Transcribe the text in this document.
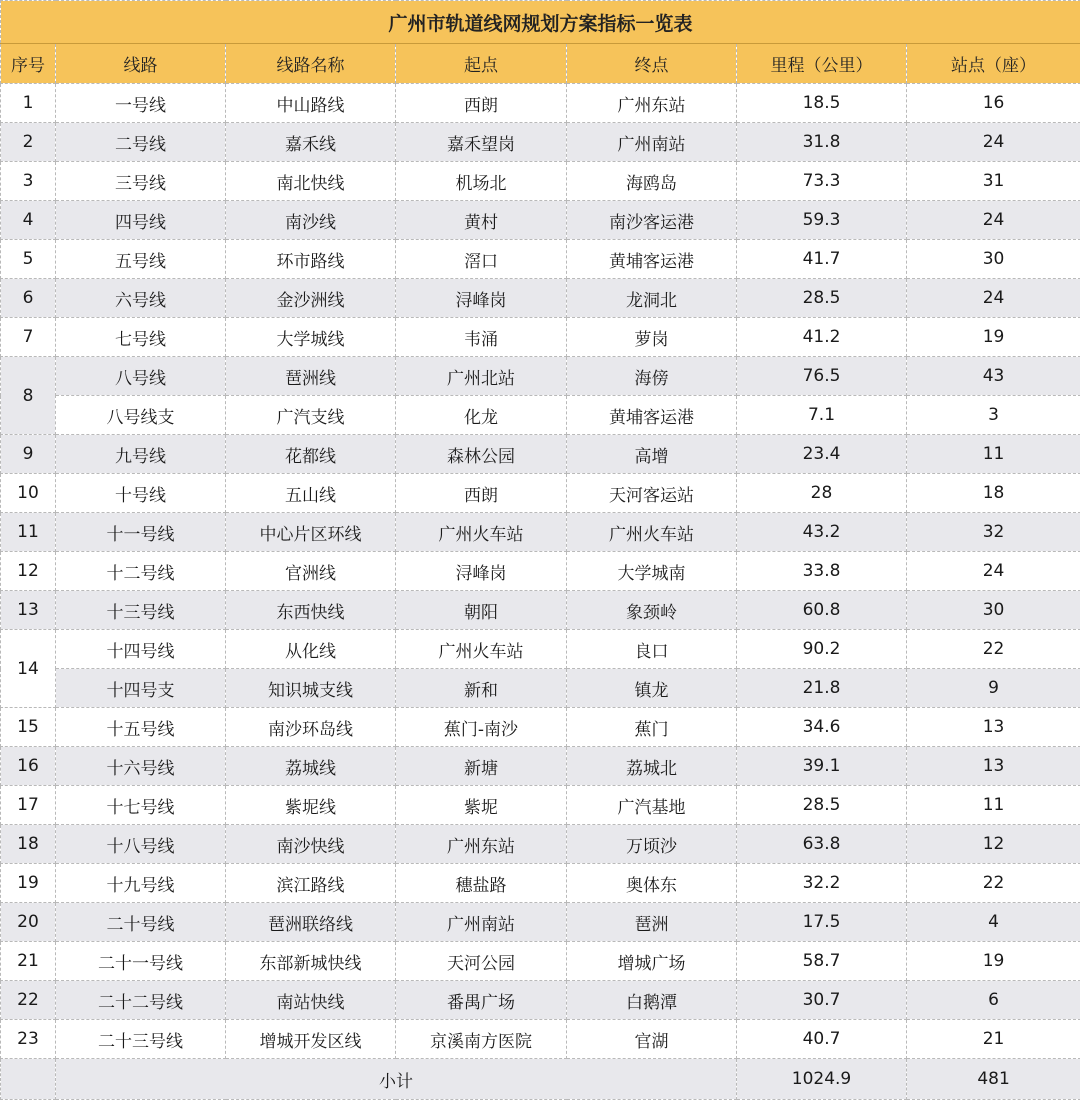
广州市轨道线网规划方案指标一览表						
序号	线路	线路名称	起点	终点	里程（公里）	站点（座）
1	一号线	中山路线	西朗	广州东站	18.5	16
2	二号线	嘉禾线	嘉禾望岗	广州南站	31.8	24
3	三号线	南北快线	机场北	海鸥岛	73.3	31
4	四号线	南沙线	黄村	南沙客运港	59.3	24
5	五号线	环市路线	滘口	黄埔客运港	41.7	30
6	六号线	金沙洲线	浔峰岗	龙洞北	28.5	24
7	七号线	大学城线	韦涌	萝岗	41.2	19
8	八号线	琶洲线	广州北站	海傍	76.5	43
	八号线支	广汽支线	化龙	黄埔客运港	7.1	3
9	九号线	花都线	森林公园	高增	23.4	11
10	十号线	五山线	西朗	天河客运站	28	18
11	十一号线	中心片区环线	广州火车站	广州火车站	43.2	32
12	十二号线	官洲线	浔峰岗	大学城南	33.8	24
13	十三号线	东西快线	朝阳	象颈岭	60.8	30
14	十四号线	从化线	广州火车站	良口	90.2	22
	十四号支	知识城支线	新和	镇龙	21.8	9
15	十五号线	南沙环岛线	蕉门-南沙	蕉门	34.6	13
16	十六号线	荔城线	新塘	荔城北	39.1	13
17	十七号线	紫坭线	紫坭	广汽基地	28.5	11
18	十八号线	南沙快线	广州东站	万顷沙	63.8	12
19	十九号线	滨江路线	穗盐路	奥体东	32.2	22
20	二十号线	琶洲联络线	广州南站	琶洲	17.5	4
21	二十一号线	东部新城快线	天河公园	增城广场	58.7	19
22	二十二号线	南站快线	番禺广场	白鹅潭	30.7	6
23	二十三号线	增城开发区线	京溪南方医院	官湖	40.7	21
	小计				1024.9	481
